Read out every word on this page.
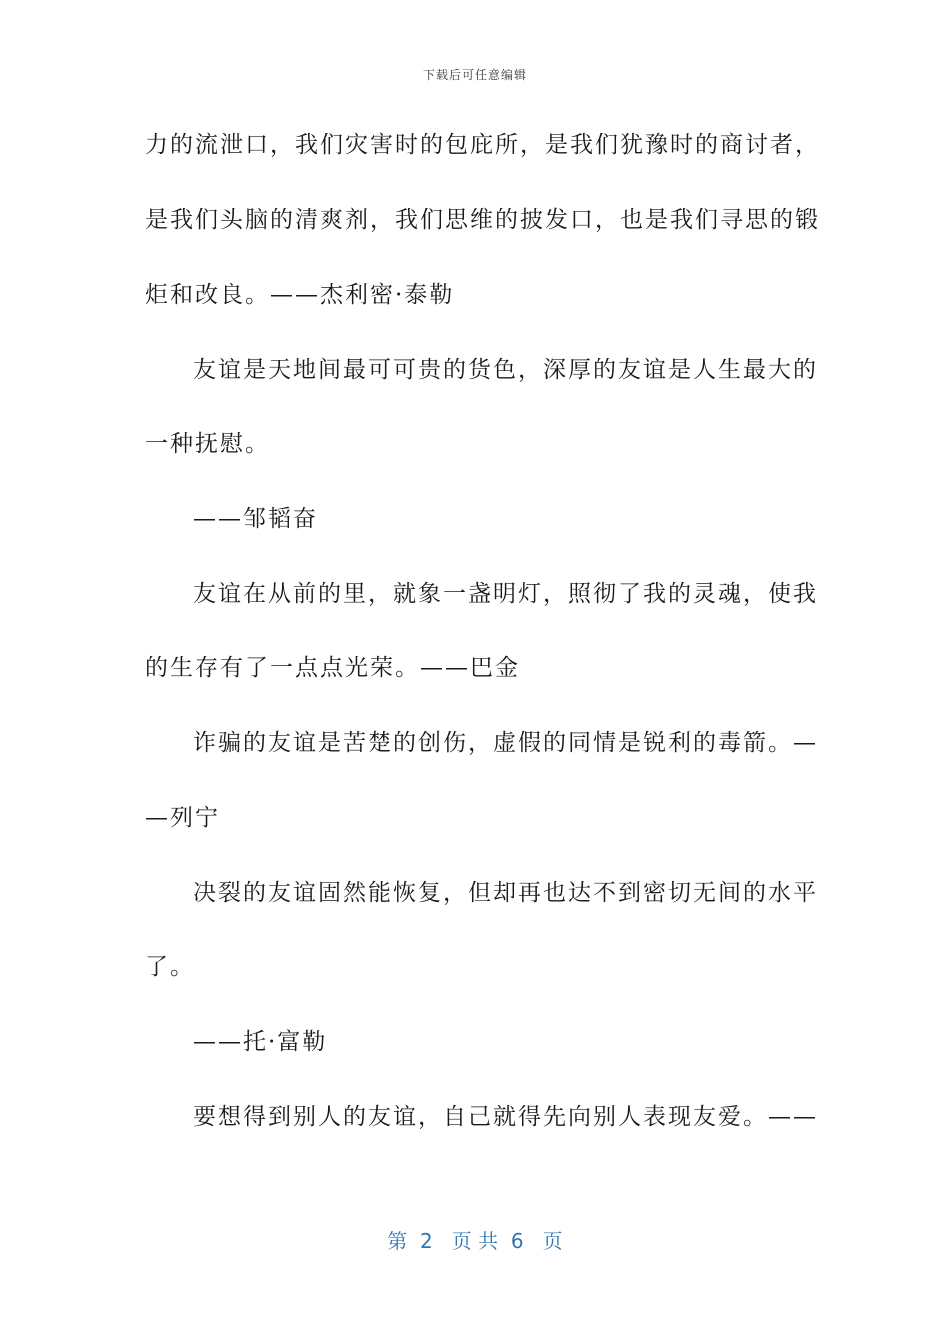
下载后可任意编辑
力的流泄口，我们灾害时的包庇所，是我们犹豫时的商讨者，
是我们头脑的清爽剂，我们思维的披发口，也是我们寻思的锻
炬和改良。——杰利密·泰勒
友谊是天地间最可可贵的货色，深厚的友谊是人生最大的
一种抚慰。
——邹韬奋
友谊在从前的里，就象一盏明灯，照彻了我的灵魂，使我
的生存有了一点点光荣。——巴金
诈骗的友谊是苦楚的创伤，虚假的同情是锐利的毒箭。—
—列宁
决裂的友谊固然能恢复，但却再也达不到密切无间的水平
了。
——托·富勒
要想得到别人的友谊，自己就得先向别人表现友爱。——
第  2   页 共  6   页
